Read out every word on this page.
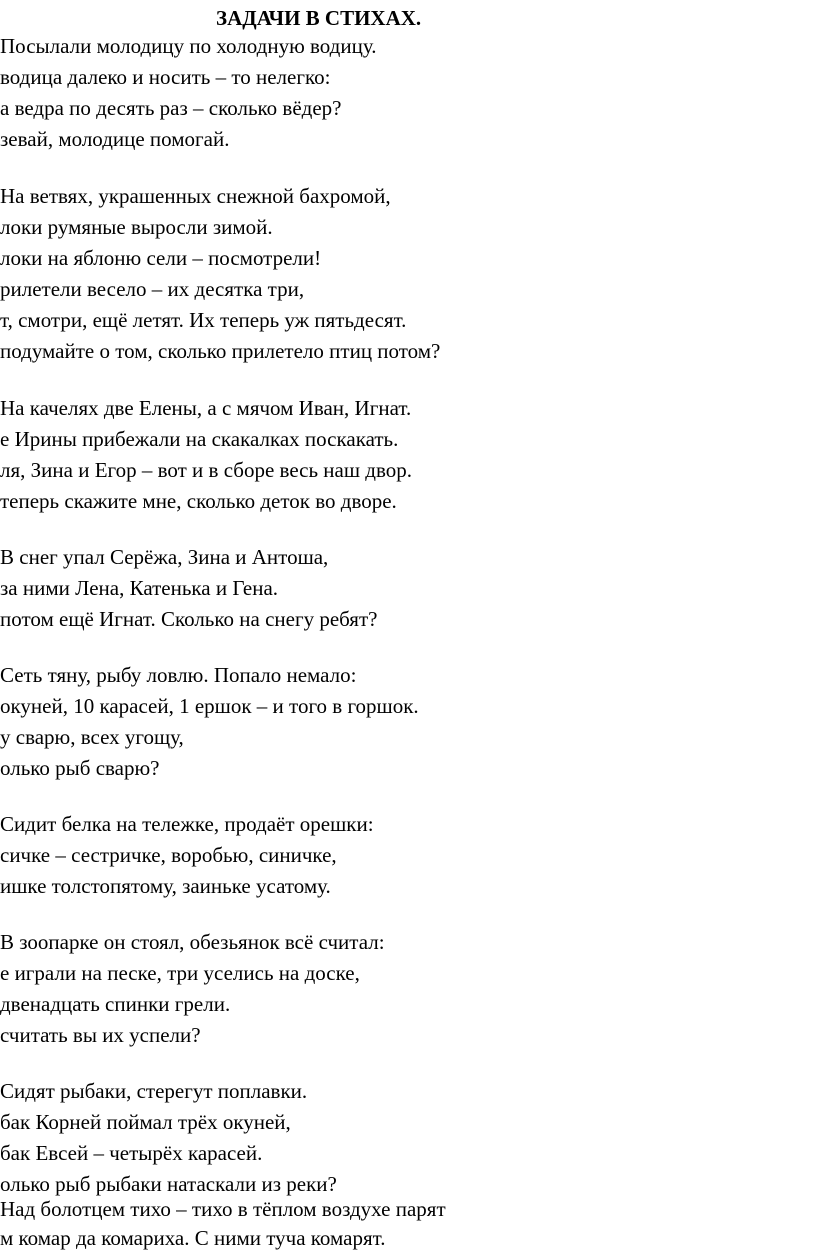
ЗАДАЧИ В СТИХАХ.
Посылали молодицу по холодную водицу.
водица далеко и носить – то нелегко:
а ведра по десять раз – сколько вёдер?
зевай, молодице помогай.
На ветвях, украшенных снежной бахромой,
локи румяные выросли зимой.
локи на яблоню сели – посмотрели!
рилетели весело – их десятка три,
т, смотри, ещё летят. Их теперь уж пятьдесят.
подумайте о том, сколько прилетело птиц потом?
На качелях две Елены, а с мячом Иван, Игнат.
е Ирины прибежали на скакалках поскакать.
ля, Зина и Егор – вот и в сборе весь наш двор.
теперь скажите мне, сколько деток во дворе.
В снег упал Серёжа, Зина и Антоша,
за ними Лена, Катенька и Гена.
потом ещё Игнат. Сколько на снегу ребят?
Сеть тяну, рыбу ловлю. Попало немало:
окуней, 10 карасей, 1 ершок – и того в горшок.
у сварю, всех угощу,
олько рыб сварю?
Сидит белка на тележке, продаёт орешки:
сичке – сестричке, воробью, синичке,
ишке толстопятому, заиньке усатому.
В зоопарке он стоял, обезьянок всё считал:
е играли на песке, три уселись на доске,
двенадцать спинки грели.
считать вы их успели?
Сидят рыбаки, стерегут поплавки.
бак Корней поймал трёх окуней,
бак Евсей – четырёх карасей.
олько рыб рыбаки натаскали из реки?
Над болотцем тихо – тихо в тёплом воздухе парят
м комар да комариха. С ними туча комарят.
